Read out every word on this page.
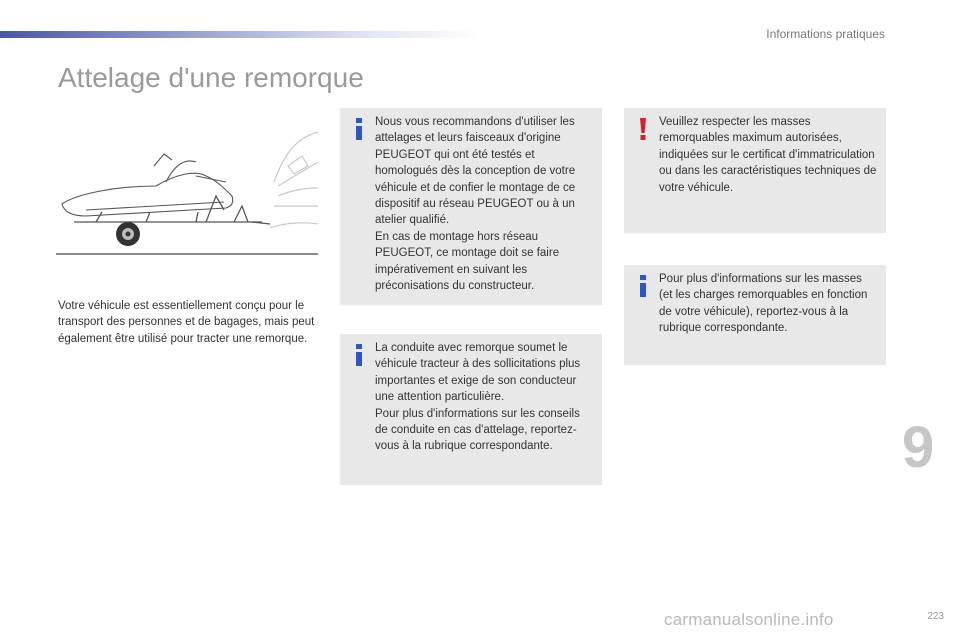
Informations pratiques
Attelage d'une remorque

Votre véhicule est essentiellement conçu pour le transport des personnes et de bagages, mais peut également être utilisé pour tracter une remorque.

Nous vous recommandons d'utiliser les attelages et leurs faisceaux d'origine PEUGEOT qui ont été testés et homologués dès la conception de votre véhicule et de confier le montage de ce dispositif au réseau PEUGEOT ou à un atelier qualifié.
En cas de montage hors réseau PEUGEOT, ce montage doit se faire impérativement en suivant les préconisations du constructeur.

La conduite avec remorque soumet le véhicule tracteur à des sollicitations plus importantes et exige de son conducteur une attention particulière.
Pour plus d'informations sur les conseils de conduite en cas d'attelage, reportez-vous à la rubrique correspondante.

Veuillez respecter les masses remorquables maximum autorisées, indiquées sur le certificat d'immatriculation ou dans les caractéristiques techniques de votre véhicule.

Pour plus d'informations sur les masses (et les charges remorquables en fonction de votre véhicule), reportez-vous à la rubrique correspondante.

9
carmanualsonline.info	223
